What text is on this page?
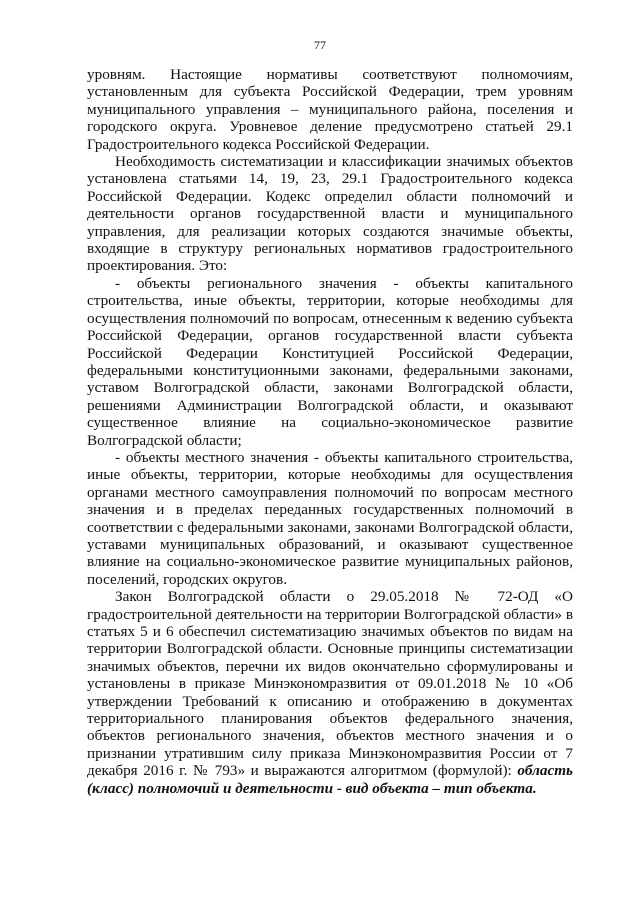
77

уровням. Настоящие нормативы соответствуют полномочиям, установленным для субъекта Российской Федерации, трем уровням муниципального управления – муниципального района, поселения и городского округа. Уровневое деление предусмотрено статьей 29.1 Градостроительного кодекса Российской Федерации.

Необходимость систематизации и классификации значимых объектов установлена статьями 14, 19, 23, 29.1 Градостроительного кодекса Российской Федерации. Кодекс определил области полномочий и деятельности органов государственной власти и муниципального управления, для реализации которых создаются значимые объекты, входящие в структуру региональных нормативов градостроительного проектирования. Это:

- объекты регионального значения - объекты капитального строительства, иные объекты, территории, которые необходимы для осуществления полномочий по вопросам, отнесенным к ведению субъекта Российской Федерации, органов государственной власти субъекта Российской Федерации Конституцией Российской Федерации, федеральными конституционными законами, федеральными законами, уставом Волгоградской области, законами Волгоградской области, решениями Администрации Волгоградской области, и оказывают существенное влияние на социально-экономическое развитие Волгоградской области;

- объекты местного значения - объекты капитального строительства, иные объекты, территории, которые необходимы для осуществления органами местного самоуправления полномочий по вопросам местного значения и в пределах переданных государственных полномочий в соответствии с федеральными законами, законами Волгоградской области, уставами муниципальных образований, и оказывают существенное влияние на социально-экономическое развитие муниципальных районов, поселений, городских округов.

Закон Волгоградской области о 29.05.2018 № 72-ОД «О градостроительной деятельности на территории Волгоградской области» в статьях 5 и 6 обеспечил систематизацию значимых объектов по видам на территории Волгоградской области. Основные принципы систематизации значимых объектов, перечни их видов окончательно сформулированы и установлены в приказе Минэкономразвития от 09.01.2018 № 10 «Об утверждении Требований к описанию и отображению в документах территориального планирования объектов федерального значения, объектов регионального значения, объектов местного значения и о признании утратившим силу приказа Минэкономразвития России от 7 декабря 2016 г. № 793» и выражаются алгоритмом (формулой): область (класс) полномочий и деятельности - вид объекта – тип объекта.
